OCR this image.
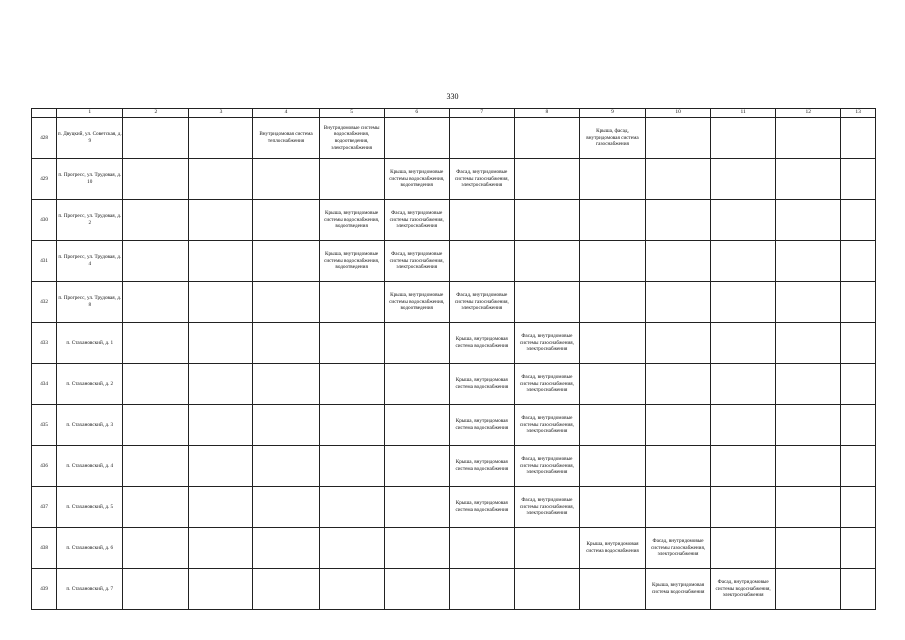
330
	1	2	3	4	5	6	7	8	9	10	11	12	13
428	п. Двуцкий, ул. Советская, д. 9			Внутридомовая система теплоснабжения	Внутридомовые системы водоснабжения, водоотведения, электроснабжения				Крыша, фасад, внутридомовая система газоснабжения				
429	п. Прогресс, ул. Трудовая, д. 10					Крыша, внутридомовые системы водоснабжения, водоотведения	Фасад, внутридомовые системы газоснабжения, электроснабжения						
430	п. Прогресс, ул. Трудовая, д. 2				Крыша, внутридомовые системы водоснабжения, водоотведения	Фасад, внутридомовые системы газоснабжения, электроснабжения							
431	п. Прогресс, ул. Трудовая, д. 4				Крыша, внутридомовые системы водоснабжения, водоотведения	Фасад, внутридомовые системы газоснабжения, электроснабжения							
432	п. Прогресс, ул. Трудовая, д. 8					Крыша, внутридомовые системы водоснабжения, водоотведения	Фасад, внутридомовые системы газоснабжения, электроснабжения						
433	п. Стахановский, д. 1						Крыша, внутридомовая система водоснабжения	Фасад, внутридомовые системы газоснабжения, электроснабжения					
434	п. Стахановский, д. 2						Крыша, внутридомовая система водоснабжения	Фасад, внутридомовые системы газоснабжения, электроснабжения					
435	п. Стахановский, д. 3						Крыша, внутридомовая система водоснабжения	Фасад, внутридомовые системы газоснабжения, электроснабжения					
436	п. Стахановский, д. 4						Крыша, внутридомовая система водоснабжения	Фасад, внутридомовые системы газоснабжения, электроснабжения					
437	п. Стахановский, д. 5						Крыша, внутридомовая система водоснабжения	Фасад, внутридомовые системы газоснабжения, электроснабжения					
438	п. Стахановский, д. 6								Крыша, внутридомовая система водоснабжения	Фасад, внутридомовые системы газоснабжения, электроснабжения			
439	п. Стахановский, д. 7									Крыша, внутридомовая система водоснабжения	Фасад, внутридомовые системы водоснабжения, электроснабжения		
